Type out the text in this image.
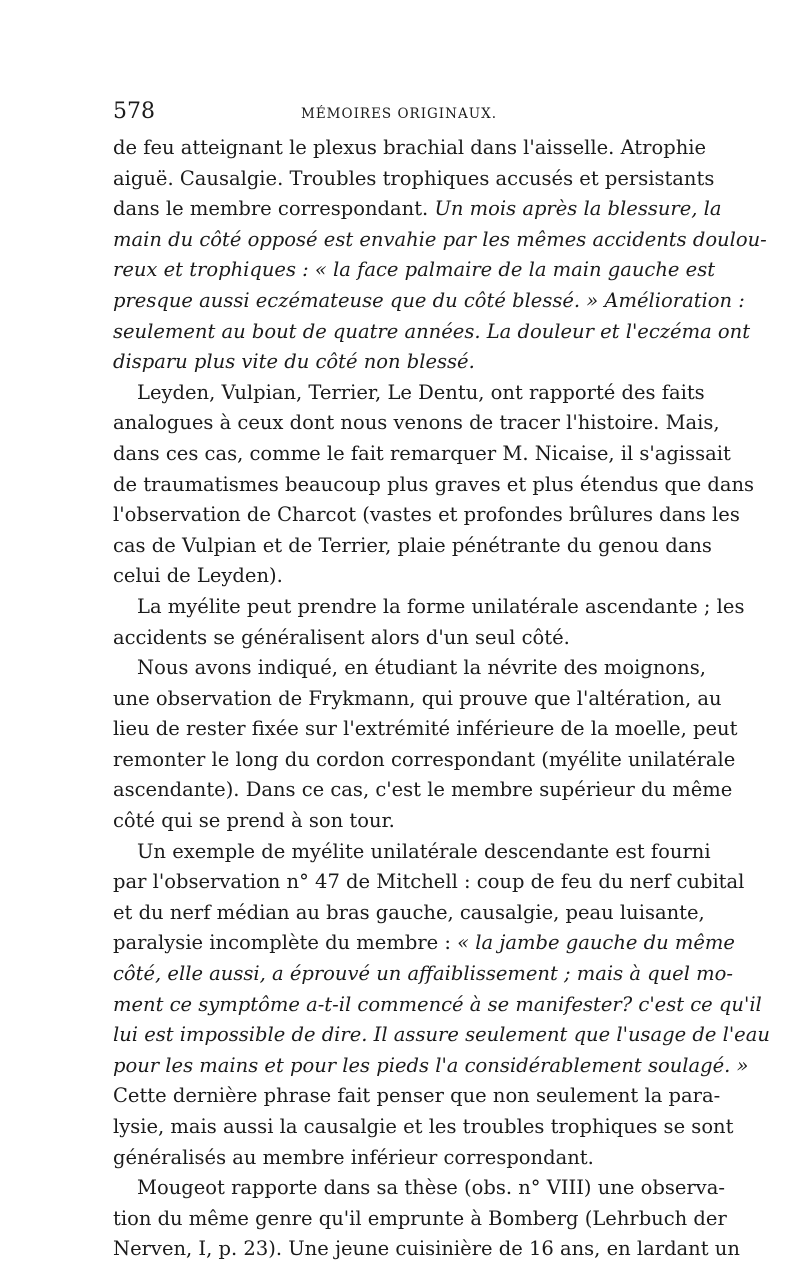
578	MÉMOIRES ORIGINAUX.
de feu atteignant le plexus brachial dans l'aisselle. Atrophie
aiguë. Causalgie. Troubles trophiques accusés et persistants
dans le membre correspondant. Un mois après la blessure, la
main du côté opposé est envahie par les mêmes accidents doulou-
reux et trophiques : « la face palmaire de la main gauche est
presque aussi eczémateuse que du côté blessé. » Amélioration :
seulement au bout de quatre années. La douleur et l'eczéma ont
disparu plus vite du côté non blessé.
Leyden, Vulpian, Terrier, Le Dentu, ont rapporté des faits
analogues à ceux dont nous venons de tracer l'histoire. Mais,
dans ces cas, comme le fait remarquer M. Nicaise, il s'agissait
de traumatismes beaucoup plus graves et plus étendus que dans
l'observation de Charcot (vastes et profondes brûlures dans les
cas de Vulpian et de Terrier, plaie pénétrante du genou dans
celui de Leyden).
La myélite peut prendre la forme unilatérale ascendante ; les
accidents se généralisent alors d'un seul côté.
Nous avons indiqué, en étudiant la névrite des moignons,
une observation de Frykmann, qui prouve que l'altération, au
lieu de rester fixée sur l'extrémité inférieure de la moelle, peut
remonter le long du cordon correspondant (myélite unilatérale
ascendante). Dans ce cas, c'est le membre supérieur du même
côté qui se prend à son tour.
Un exemple de myélite unilatérale descendante est fourni
par l'observation n° 47 de Mitchell : coup de feu du nerf cubital
et du nerf médian au bras gauche, causalgie, peau luisante,
paralysie incomplète du membre : « la jambe gauche du même
côté, elle aussi, a éprouvé un affaiblissement ; mais à quel mo-
ment ce symptôme a-t-il commencé à se manifester? c'est ce qu'il
lui est impossible de dire. Il assure seulement que l'usage de l'eau
pour les mains et pour les pieds l'a considérablement soulagé. »
Cette dernière phrase fait penser que non seulement la para-
lysie, mais aussi la causalgie et les troubles trophiques se sont
généralisés au membre inférieur correspondant.
Mougeot rapporte dans sa thèse (obs. n° VIII) une observa-
tion du même genre qu'il emprunte à Bomberg (Lehrbuch der
Nerven, I, p. 23). Une jeune cuisinière de 16 ans, en lardant un
